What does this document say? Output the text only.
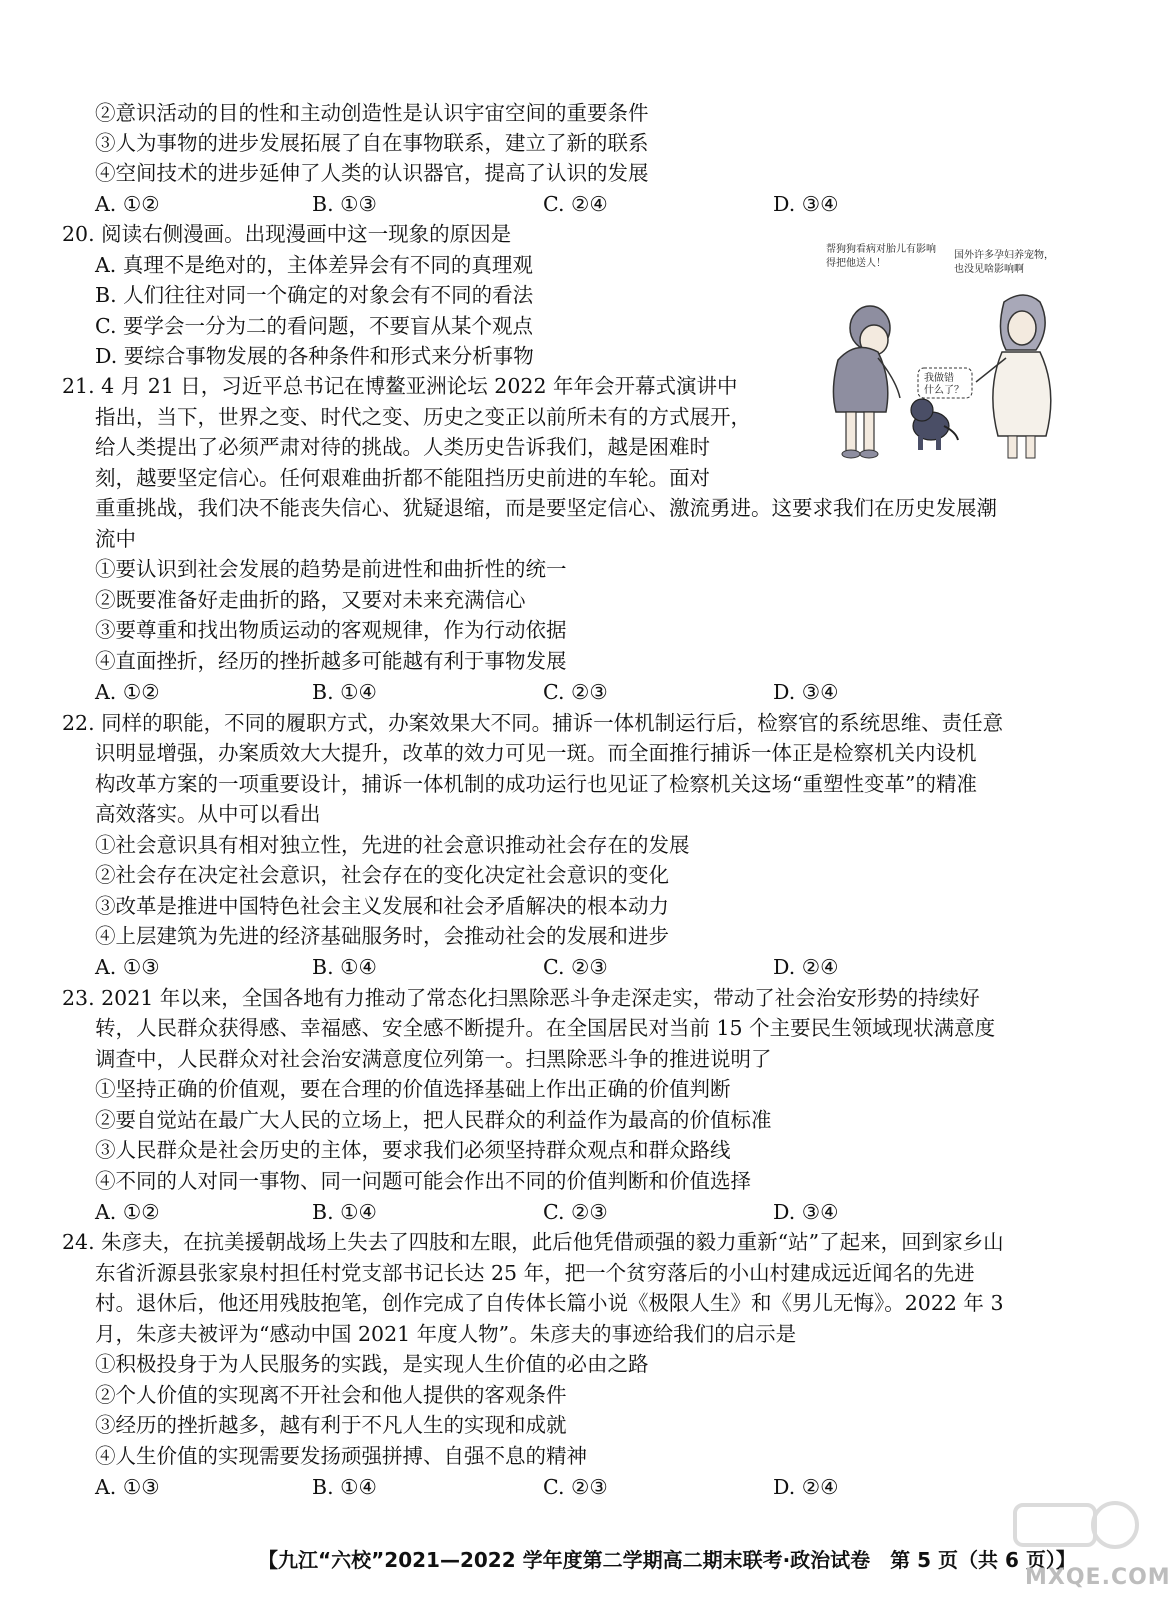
②意识活动的目的性和主动创造性是认识宇宙空间的重要条件
③人为事物的进步发展拓展了自在事物联系，建立了新的联系
④空间技术的进步延伸了人类的认识器官，提高了认识的发展
A. ①②	B. ①③	C. ②④	D. ③④
20. 阅读右侧漫画。出现漫画中这一现象的原因是
A. 真理不是绝对的，主体差异会有不同的真理观
B. 人们往往对同一个确定的对象会有不同的看法
C. 要学会一分为二的看问题，不要盲从某个观点
D. 要综合事物发展的各种条件和形式来分析事物
帮狗狗看病对胎儿有影响
得把他送人！
国外许多孕妇养宠物，
也没见啥影响啊
我做错
什么了？
21. 4 月 21 日，习近平总书记在博鳌亚洲论坛 2022 年年会开幕式演讲中
指出，当下，世界之变、时代之变、历史之变正以前所未有的方式展开，
给人类提出了必须严肃对待的挑战。人类历史告诉我们，越是困难时
刻，越要坚定信心。任何艰难曲折都不能阻挡历史前进的车轮。面对
重重挑战，我们决不能丧失信心、犹疑退缩，而是要坚定信心、激流勇进。这要求我们在历史发展潮
流中
①要认识到社会发展的趋势是前进性和曲折性的统一
②既要准备好走曲折的路，又要对未来充满信心
③要尊重和找出物质运动的客观规律，作为行动依据
④直面挫折，经历的挫折越多可能越有利于事物发展
A. ①②	B. ①④	C. ②③	D. ③④
22. 同样的职能，不同的履职方式，办案效果大不同。捕诉一体机制运行后，检察官的系统思维、责任意
识明显增强，办案质效大大提升，改革的效力可见一斑。而全面推行捕诉一体正是检察机关内设机
构改革方案的一项重要设计，捕诉一体机制的成功运行也见证了检察机关这场“重塑性变革”的精准
高效落实。从中可以看出
①社会意识具有相对独立性，先进的社会意识推动社会存在的发展
②社会存在决定社会意识，社会存在的变化决定社会意识的变化
③改革是推进中国特色社会主义发展和社会矛盾解决的根本动力
④上层建筑为先进的经济基础服务时，会推动社会的发展和进步
A. ①③	B. ①④	C. ②③	D. ②④
23. 2021 年以来，全国各地有力推动了常态化扫黑除恶斗争走深走实，带动了社会治安形势的持续好
转，人民群众获得感、幸福感、安全感不断提升。在全国居民对当前 15 个主要民生领域现状满意度
调查中，人民群众对社会治安满意度位列第一。扫黑除恶斗争的推进说明了
①坚持正确的价值观，要在合理的价值选择基础上作出正确的价值判断
②要自觉站在最广大人民的立场上，把人民群众的利益作为最高的价值标准
③人民群众是社会历史的主体，要求我们必须坚持群众观点和群众路线
④不同的人对同一事物、同一问题可能会作出不同的价值判断和价值选择
A. ①②	B. ①④	C. ②③	D. ③④
24. 朱彦夫，在抗美援朝战场上失去了四肢和左眼，此后他凭借顽强的毅力重新“站”了起来，回到家乡山
东省沂源县张家泉村担任村党支部书记长达 25 年，把一个贫穷落后的小山村建成远近闻名的先进
村。退休后，他还用残肢抱笔，创作完成了自传体长篇小说《极限人生》和《男儿无悔》。2022 年 3
月，朱彦夫被评为“感动中国 2021 年度人物”。朱彦夫的事迹给我们的启示是
①积极投身于为人民服务的实践，是实现人生价值的必由之路
②个人价值的实现离不开社会和他人提供的客观条件
③经历的挫折越多，越有利于不凡人生的实现和成就
④人生价值的实现需要发扬顽强拼搏、自强不息的精神
A. ①③	B. ①④	C. ②③	D. ②④
【九江“六校”2021—2022 学年度第二学期高二期末联考·政治试卷　第 5 页（共 6 页）】
MXQE.COM
